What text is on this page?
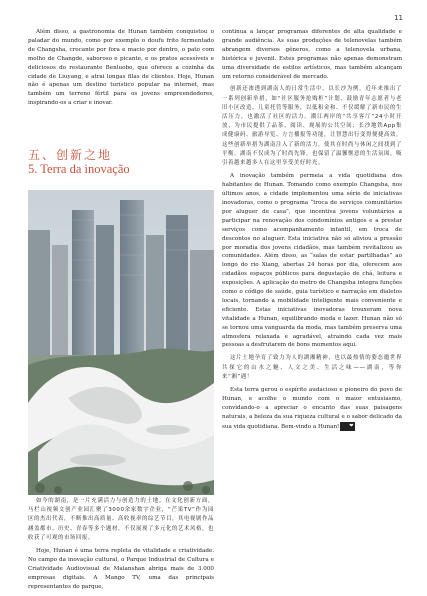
11

Além disso, a gastronomia de Hunan também conquistou o paladar do mundo, como por exemplo o doufu frito fermentado de Changsha, crocante por fora e macio por dentro, o pato com molho de Changde, saboroso e picante, e os pratos acessíveis e deliciosos do restaurante Benluobo, que oferece a cozinha da cidade de Liuyang, e atrai longas filas de clientes. Hoje, Hunan não é apenas um destino turístico popular na internet, mas também um terreno fértil para os jovens empreendedores, inspirando-os a criar e inovar.

五、创新之地
5. Terra da inovação

如今的湖南，是一片充满活力与创造力的土地。在文化创新方面，马栏山视频文创产业园汇聚了3000余家数字企业，“芒果TV”作为园区的杰出代表，不断推出高质量、高收视率的综艺节目，其电视剧作品涵盖都市、历史、青春等多个题材，不仅展现了多元化的艺术风格，也收获了可观的市场回报。

Hoje, Hunan é uma terra repleta de vitalidade e criatividade. No campo da inovação cultural, o Parque Industrial de Cultura e Criatividade Audiovisual de Malanshan abriga mais de 3.000 empresas digitais. A Mango TV, uma das principais representantes do parque,

continua a lançar programas diferentes de alta qualidade e grande audiência. As suas produções de telenovelas também abrangem diversos gêneros, como a telenovela urbana, histórica e juvenil. Estes programas não apenas demonstram uma diversidade de estilos artísticos, mas também alcançam um retorno considerável de mercado.

创新还渗透到湖南人的日常生活中。以长沙为例，近年来推出了一系列创新举措，如“社区服务抢购柜”计划，鼓励青年志愿者与老旧小区改造、儿童托管等服务，以低租金和、不仅缓解了新市民的生活压力，也激活了社区的活力。潮江两岸的“共享客厅”24小时开放，为市民提供了品茶、阅读、观展的公共空间；长沙地铁App集成健康码、旅游导览、方言播报等功能，让智慧出行变得便捷高效。这些创新举措为湖南注入了新的活力，使其在时尚与休闲之间找到了平衡。湖南不仅成为了时尚先锋，也保留了温馨惬意的生活氛围，吸引着越来越多人在这里享受美好时光。

A inovação também permeia a vida quotidiana dos habitantes de Hunan. Tomando como exemplo Changsha, nos últimos anos, a cidade implementou uma série de iniciativas inovadoras, como o programa “troca de serviços comunitários por aluguer de casa”, que incentiva jovens voluntários a participar na renovação dos condomínios antigos e a prestar serviços como acompanhamento infantil, em troca de descontos no aluguer. Esta iniciativa não só aliviou a pressão por moradia dos jovens cidadãos, mas também revitalizou as comunidades. Além disso, as “salas de estar partilhadas” ao longo do rio Xiang, abertas 24 horas por dia, oferecem aos cidadãos espaços públicos para degustação de chá, leitura e exposições. A aplicação do metro de Changsha integra funções como o código de saúde, guia turístico e narração em dialetos locais, tornando a mobilidade inteligente mais conveniente e eficiente. Estas iniciativas inovadoras trouxeram nova vitalidade a Hunan, equilibrando moda e lazer. Hunan não só se tornou uma vanguarda da moda, mas também preserva uma atmosfera relaxada e agradável, atraindo cada vez mais pessoas a desfrutarem de bons momentos aqui.

这片土地孕育了致力为人的湖湘精神，也以最热情的姿态邀世界共探它的山水之魅、人文之美、生活之味——湖南，等你来“湘”遇！

Esta terra gerou o espírito audacioso e pioneiro do povo de Hunan, e acolhe o mundo com o maior entusiasmo, convidando-o a apreciar o encanto das suas paisagens naturais, a beleza da sua riqueza cultural e o sabor delicado da sua vida quotidiana. Bem-vindo a Hunan! ❤
